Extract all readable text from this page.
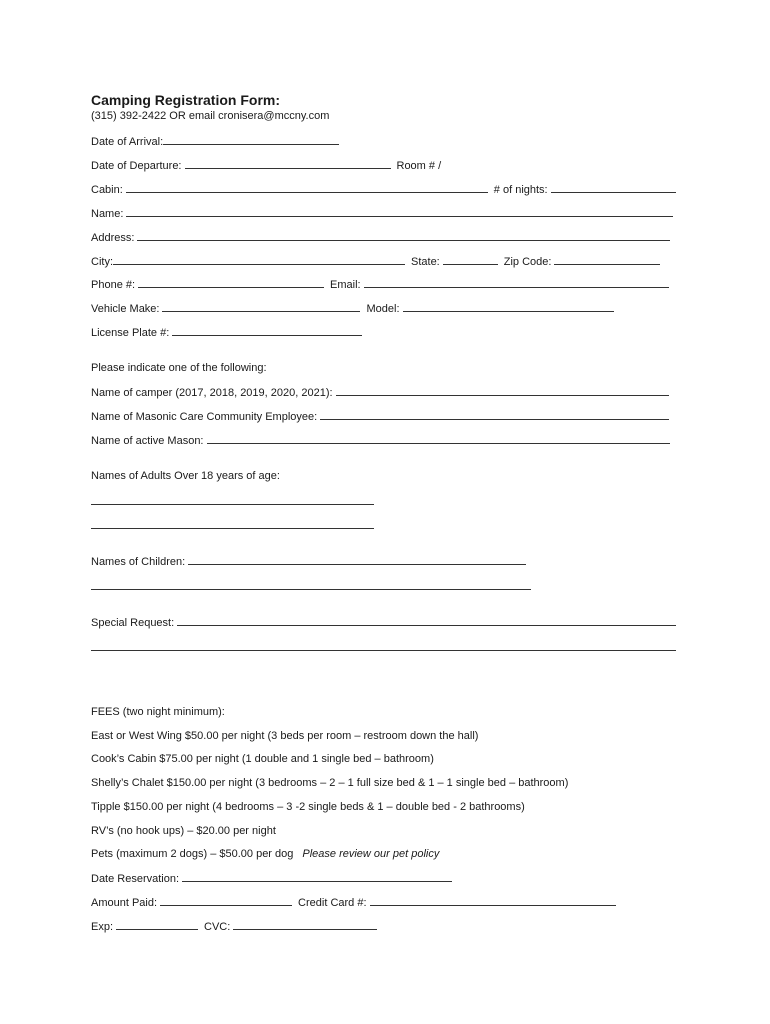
Camping Registration Form:
(315) 392-2422 OR email cronisera@mccny.com
Date of Arrival:
Date of Departure:	Room # /
Cabin:	# of nights:
Name:
Address:
City:	State:	Zip Code:
Phone #:	Email:
Vehicle Make:	Model:
License Plate #:
Please indicate one of the following:
Name of camper (2017, 2018, 2019, 2020, 2021):
Name of Masonic Care Community Employee:
Name of active Mason:
Names of Adults Over 18 years of age:
Names of Children:
Special Request:
FEES (two night minimum):
East or West Wing $50.00 per night (3 beds per room – restroom down the hall)
Cook’s Cabin $75.00 per night (1 double and 1 single bed – bathroom)
Shelly’s Chalet $150.00 per night (3 bedrooms – 2 – 1 full size bed & 1 – 1 single bed – bathroom)
Tipple $150.00 per night (4 bedrooms – 3 -2 single beds & 1 – double bed - 2 bathrooms)
RV’s (no hook ups) – $20.00 per night
Pets (maximum 2 dogs) – $50.00 per dog Please review our pet policy
Date Reservation:
Amount Paid:	Credit Card #:
Exp:	CVC:
